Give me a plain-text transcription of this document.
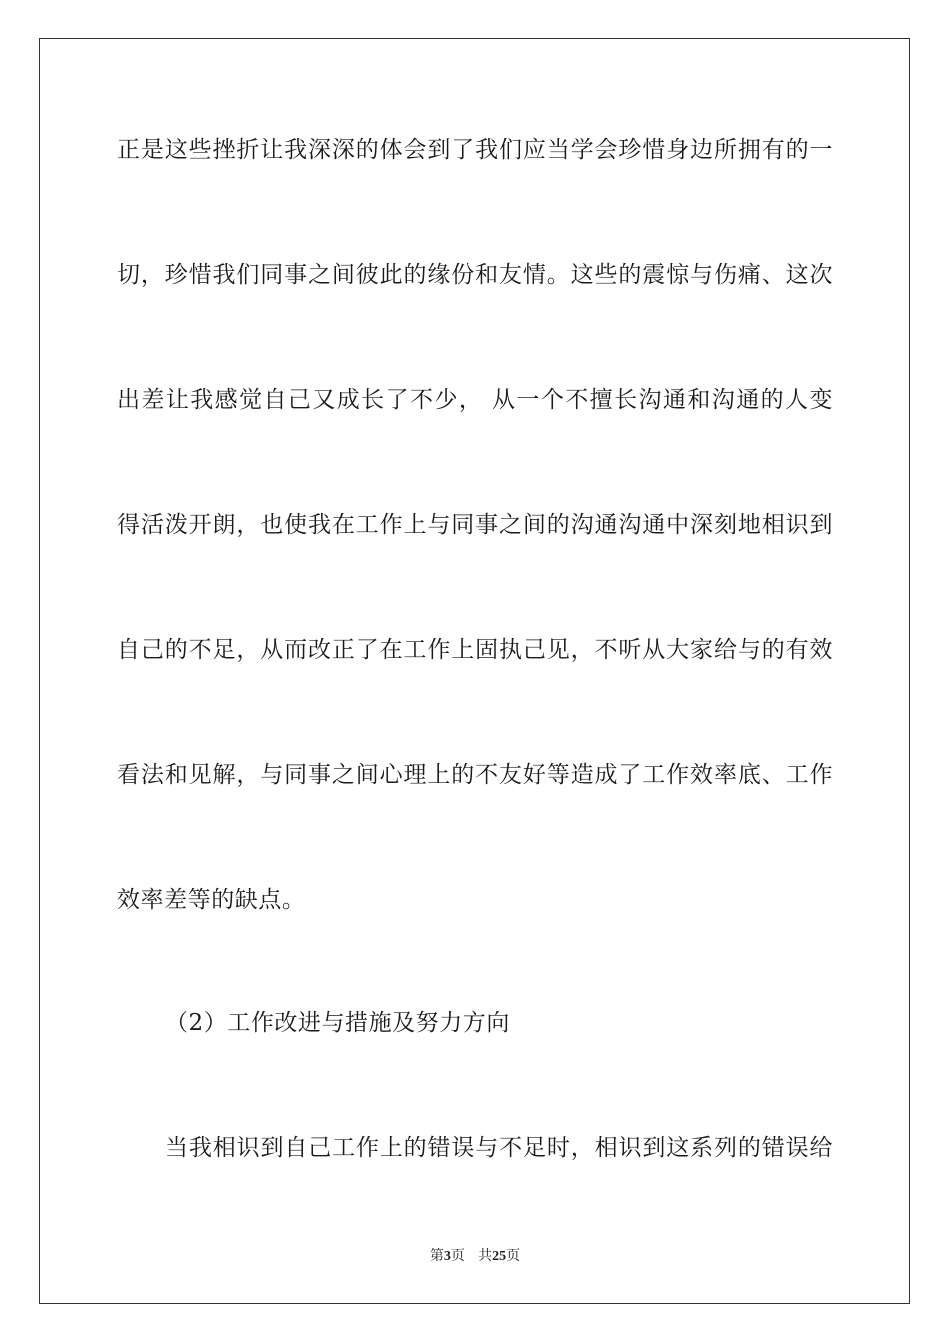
正是这些挫折让我深深的体会到了我们应当学会珍惜身边所拥有的一
切，珍惜我们同事之间彼此的缘份和友情。这些的震惊与伤痛、这次
出差让我感觉自己又成长了不少， 从一个不擅长沟通和沟通的人变
得活泼开朗，也使我在工作上与同事之间的沟通沟通中深刻地相识到
自己的不足，从而改正了在工作上固执己见，不听从大家给与的有效
看法和见解，与同事之间心理上的不友好等造成了工作效率底、工作
效率差等的缺点。
（2）工作改进与措施及努力方向
当我相识到自己工作上的错误与不足时，相识到这系列的错误给
第3页 共25页
